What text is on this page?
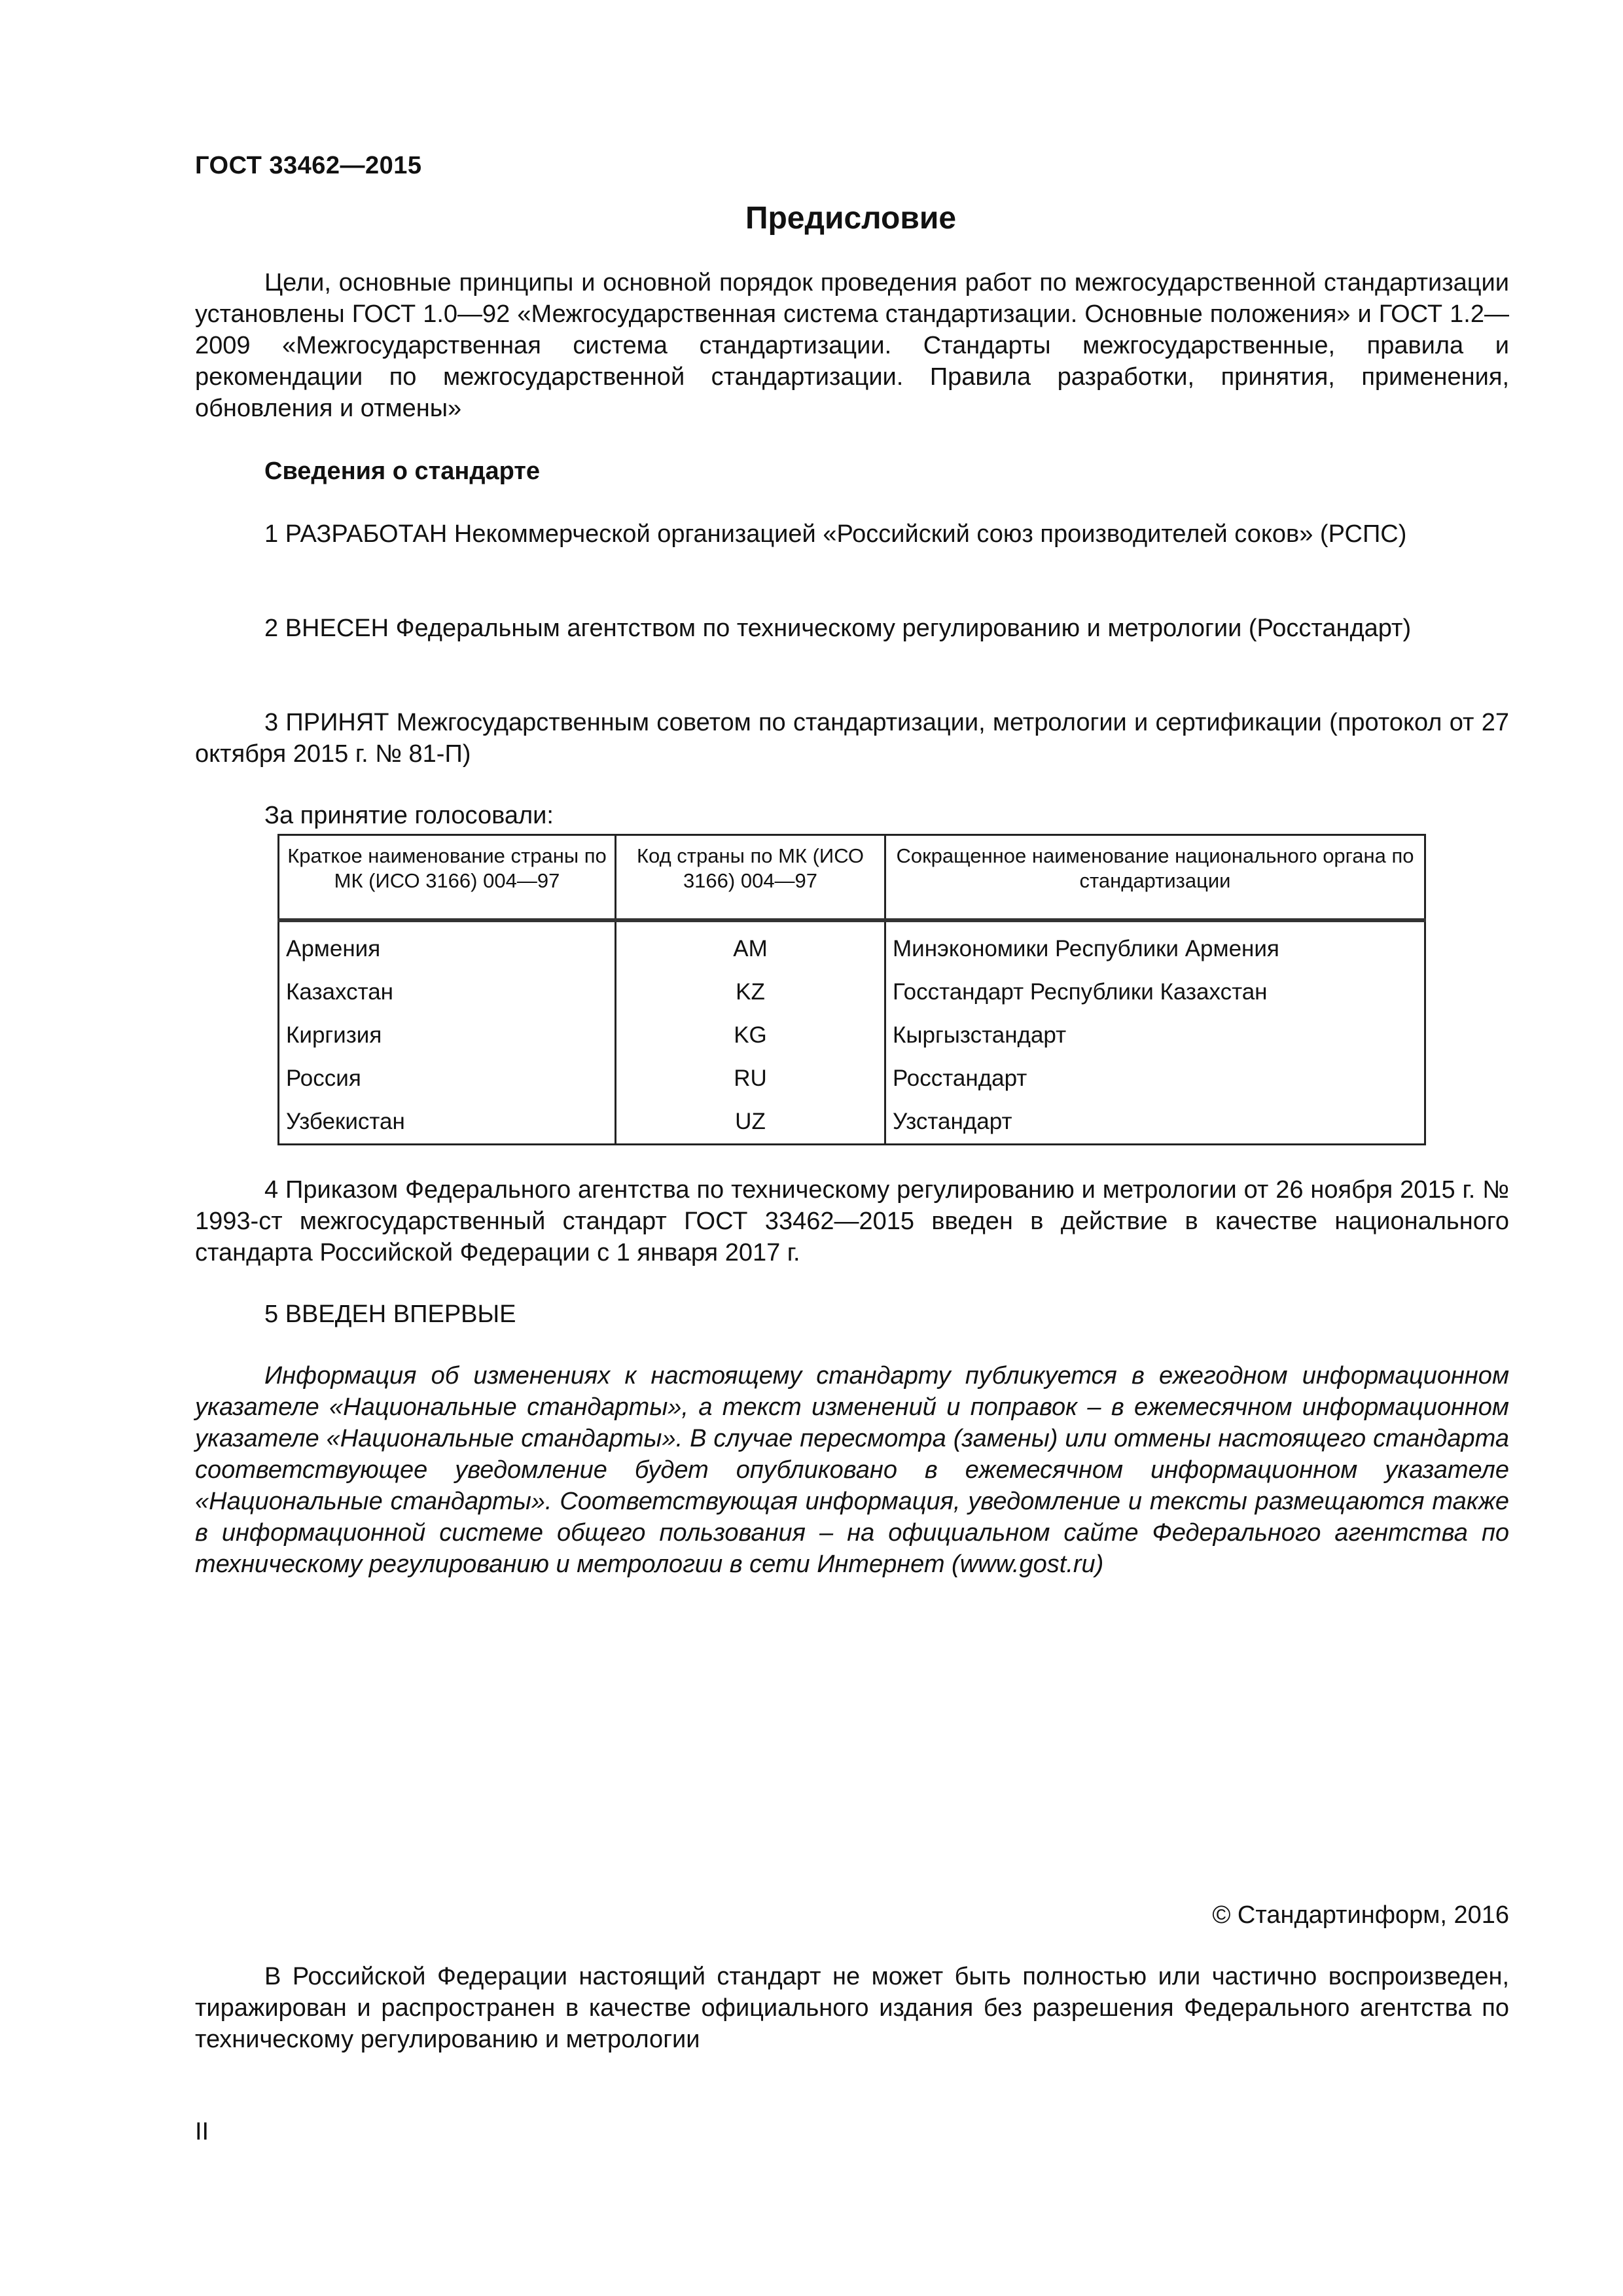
ГОСТ 33462—2015
Предисловие
Цели, основные принципы и основной порядок проведения работ по межгосударственной стандартизации установлены ГОСТ 1.0—92 «Межгосударственная система стандартизации. Основные положения» и ГОСТ 1.2—2009 «Межгосударственная система стандартизации. Стандарты межгосударственные, правила и рекомендации по межгосударственной стандартизации. Правила разработки, принятия, применения, обновления и отмены»
Сведения о стандарте
1 РАЗРАБОТАН Некоммерческой организацией «Российский союз производителей соков» (РСПС)
2 ВНЕСЕН Федеральным агентством по техническому регулированию и метрологии (Росстандарт)
3 ПРИНЯТ Межгосударственным советом по стандартизации, метрологии и сертификации (протокол от 27 октября 2015 г. № 81-П)
За принятие голосовали:
Краткое наименование страны по МК (ИСО 3166) 004—97	Код страны по МК (ИСО 3166) 004—97	Сокращенное наименование национального органа по стандартизации
Армения	AM	Минэкономики Республики Армения
Казахстан	KZ	Госстандарт Республики Казахстан
Киргизия	KG	Кыргызстандарт
Россия	RU	Росстандарт
Узбекистан	UZ	Узстандарт
4 Приказом Федерального агентства по техническому регулированию и метрологии от 26 ноября 2015 г. № 1993-ст межгосударственный стандарт ГОСТ 33462—2015 введен в действие в качестве национального стандарта Российской Федерации с 1 января 2017 г.
5 ВВЕДЕН ВПЕРВЫЕ
Информация об изменениях к настоящему стандарту публикуется в ежегодном информационном указателе «Национальные стандарты», а текст изменений и поправок – в ежемесячном информационном указателе «Национальные стандарты». В случае пересмотра (замены) или отмены настоящего стандарта соответствующее уведомление будет опубликовано в ежемесячном информационном указателе «Национальные стандарты». Соответствующая информация, уведомление и тексты размещаются также в информационной системе общего пользования – на официальном сайте Федерального агентства по техническому регулированию и метрологии в сети Интернет (www.gost.ru)
© Стандартинформ, 2016
В Российской Федерации настоящий стандарт не может быть полностью или частично воспроизведен, тиражирован и распространен в качестве официального издания без разрешения Федерального агентства по техническому регулированию и метрологии
II
